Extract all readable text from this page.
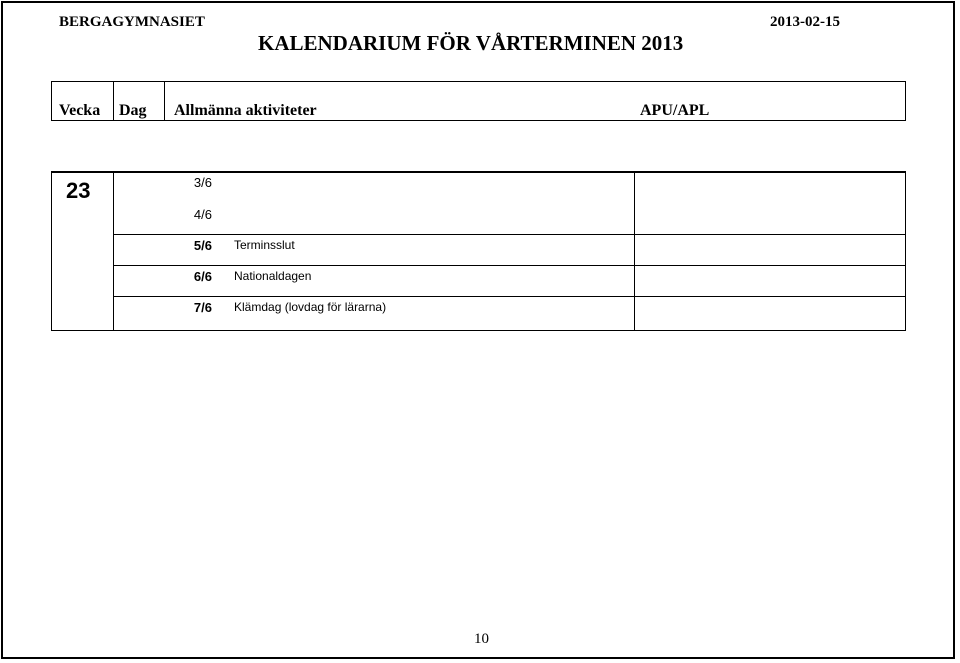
BERGAGYMNASIET	2013-02-15
KALENDARIUM FÖR VÅRTERMINEN 2013
Vecka Dag Allmänna aktiviteter	APU/APL
23	3/6
4/6
5/6 Terminsslut
6/6 Nationaldagen
7/6 Klämdag (lovdag för lärarna)
10
